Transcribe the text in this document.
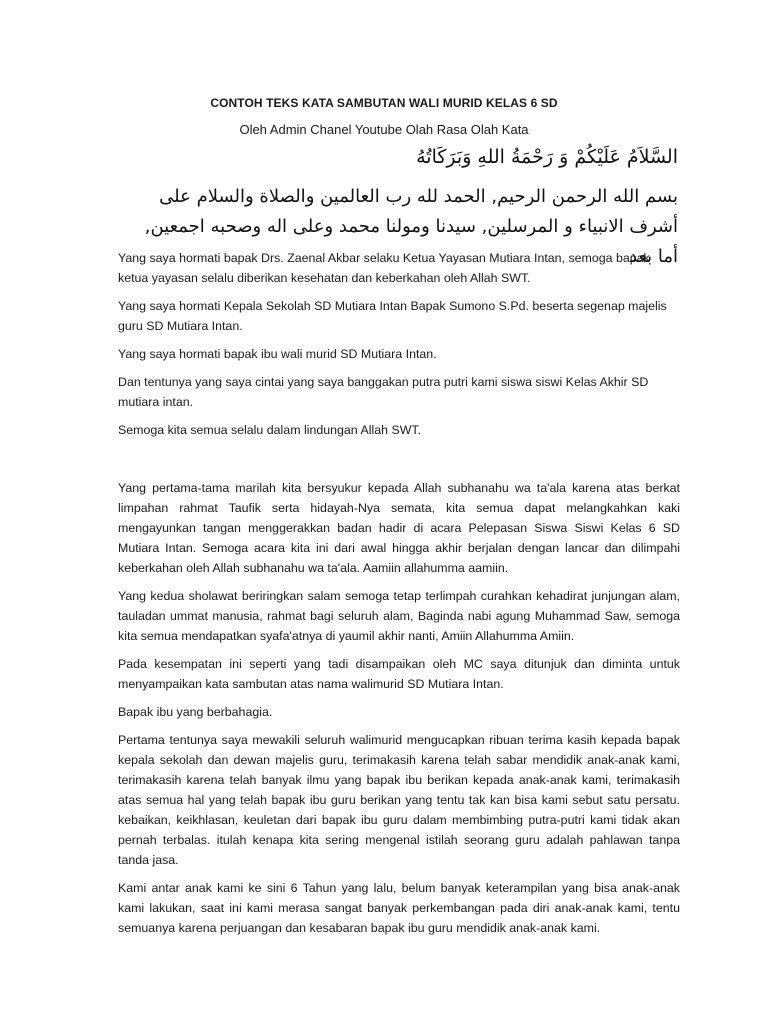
CONTOH TEKS KATA SAMBUTAN WALI MURID KELAS 6 SD
Oleh Admin Chanel Youtube Olah Rasa Olah Kata
السَّلاَمُ عَلَيْكُمْ وَ رَحْمَةُ اللهِ وَبَرَكَاتُهُ
بسم الله الرحمن الرحيم, الحمد لله رب العالمين والصلاة والسلام على أشرف الانبياء و المرسلين, سيدنا ومولنا محمد وعلى اله وصحبه اجمعين, أما بعد

Yang saya hormati bapak Drs. Zaenal Akbar selaku Ketua Yayasan Mutiara Intan, semoga bapak ketua yayasan selalu diberikan kesehatan dan keberkahan oleh Allah SWT.

Yang saya hormati Kepala Sekolah SD Mutiara Intan Bapak Sumono S.Pd. beserta segenap majelis guru SD Mutiara Intan.

Yang saya hormati bapak ibu wali murid SD Mutiara Intan.

Dan tentunya yang saya cintai yang saya banggakan putra putri kami siswa siswi Kelas Akhir SD mutiara intan.

Semoga kita semua selalu dalam lindungan Allah SWT.

Yang pertama-tama marilah kita bersyukur kepada Allah subhanahu wa ta'ala karena atas berkat limpahan rahmat Taufik serta hidayah-Nya semata, kita semua dapat melangkahkan kaki mengayunkan tangan menggerakkan badan hadir di acara Pelepasan Siswa Siswi Kelas 6 SD Mutiara Intan. Semoga acara kita ini dari awal hingga akhir berjalan dengan lancar dan dilimpahi keberkahan oleh Allah subhanahu wa ta'ala. Aamiin allahumma aamiin.

Yang kedua sholawat beriringkan salam semoga tetap terlimpah curahkan kehadirat junjungan alam, tauladan ummat manusia, rahmat bagi seluruh alam, Baginda nabi agung Muhammad Saw, semoga kita semua mendapatkan syafa'atnya di yaumil akhir nanti, Amiin Allahumma Amiin.

Pada kesempatan ini seperti yang tadi disampaikan oleh MC saya ditunjuk dan diminta untuk menyampaikan kata sambutan atas nama walimurid SD Mutiara Intan.

Bapak ibu yang berbahagia.

Pertama tentunya saya mewakili seluruh walimurid mengucapkan ribuan terima kasih kepada bapak kepala sekolah dan dewan majelis guru, terimakasih karena telah sabar mendidik anak-anak kami, terimakasih karena telah banyak ilmu yang bapak ibu berikan kepada anak-anak kami, terimakasih atas semua hal yang telah bapak ibu guru berikan yang tentu tak kan bisa kami sebut satu persatu. kebaikan, keikhlasan, keuletan dari bapak ibu guru dalam membimbing putra-putri kami tidak akan pernah terbalas. itulah kenapa kita sering mengenal istilah seorang guru adalah pahlawan tanpa tanda jasa.

Kami antar anak kami ke sini 6 Tahun yang lalu, belum banyak keterampilan yang bisa anak-anak kami lakukan, saat ini kami merasa sangat banyak perkembangan pada diri anak-anak kami, tentu semuanya karena perjuangan dan kesabaran bapak ibu guru mendidik anak-anak kami.
